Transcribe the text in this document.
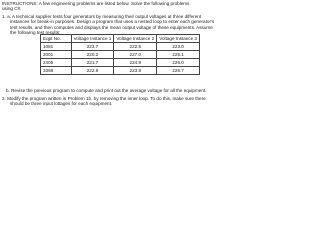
INSTRUCTIONS: A few engineering problems are listed below. Solve the following problems
using C#.
1. a. A technical supplier tests four generators by measuring their output voltages at three different
instances for break-in purposes. Design a program that uses a nested loop to enter each generator's
test results, and then computes and displays the mean output voltage of these equipments. Assume
the following test results:
Eqpt No.	Voltage Instance 1	Voltage Instance 2	Voltage Instance 3
1081	223.7	222.5	223.0
2001	220.2	227.0	225.1
2405	221.7	224.9	226.0
3368	222.9	223.8	226.7
b. Revise the previous program to compute and print out the average voltage for all the equipment.
2. Modify the program written in Problem 1b. by removing the inner loop. To do this, make sure there
should be three input lottages for each equipment.
